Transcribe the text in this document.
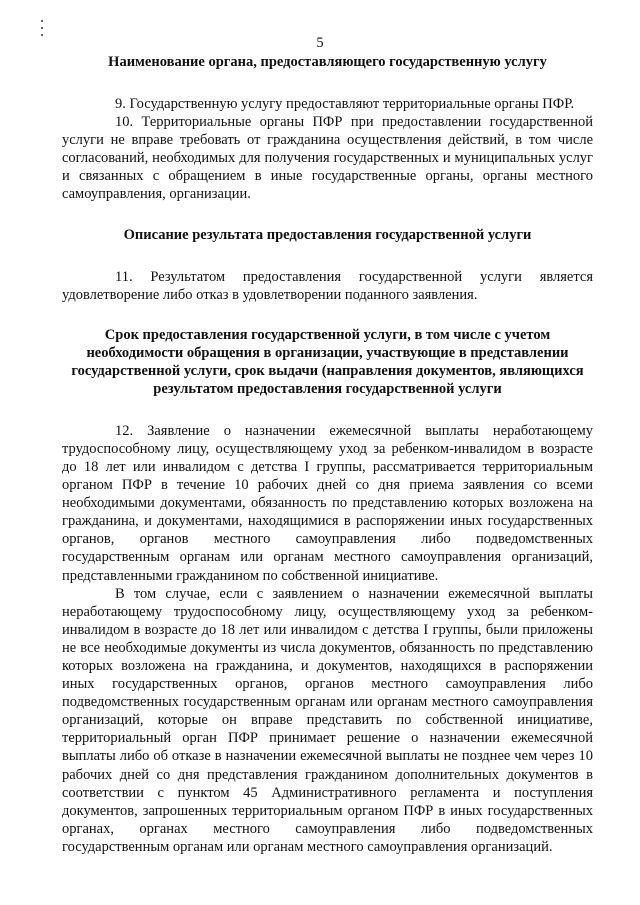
5
Наименование органа, предоставляющего государственную услугу

9. Государственную услугу предоставляют территориальные органы ПФР.

10. Территориальные органы ПФР при предоставлении государственной услуги не вправе требовать от гражданина осуществления действий, в том числе согласований, необходимых для получения государственных и муниципальных услуг и связанных с обращением в иные государственные органы, органы местного самоуправления, организации.

Описание результата предоставления государственной услуги

11. Результатом предоставления государственной услуги является удовлетворение либо отказ в удовлетворении поданного заявления.

Срок предоставления государственной услуги, в том числе с учетом необходимости обращения в организации, участвующие в представлении государственной услуги, срок выдачи (направления документов, являющихся результатом предоставления государственной услуги

12. Заявление о назначении ежемесячной выплаты неработающему трудоспособному лицу, осуществляющему уход за ребенком-инвалидом в возрасте до 18 лет или инвалидом с детства I группы, рассматривается территориальным органом ПФР в течение 10 рабочих дней со дня приема заявления со всеми необходимыми документами, обязанность по представлению которых возложена на гражданина, и документами, находящимися в распоряжении иных государственных органов, органов местного самоуправления либо подведомственных государственным органам или органам местного самоуправления организаций, представленными гражданином по собственной инициативе.

В том случае, если с заявлением о назначении ежемесячной выплаты неработающему трудоспособному лицу, осуществляющему уход за ребенком-инвалидом в возрасте до 18 лет или инвалидом с детства I группы, были приложены не все необходимые документы из числа документов, обязанность по представлению которых возложена на гражданина, и документов, находящихся в распоряжении иных государственных органов, органов местного самоуправления либо подведомственных государственным органам или органам местного самоуправления организаций, которые он вправе представить по собственной инициативе, территориальный орган ПФР принимает решение о назначении ежемесячной выплаты либо об отказе в назначении ежемесячной выплаты не позднее чем через 10 рабочих дней со дня представления гражданином дополнительных документов в соответствии с пунктом 45 Административного регламента и поступления документов, запрошенных территориальным органом ПФР в иных государственных органах, органах местного самоуправления либо подведомственных государственным органам или органам местного самоуправления организаций.
